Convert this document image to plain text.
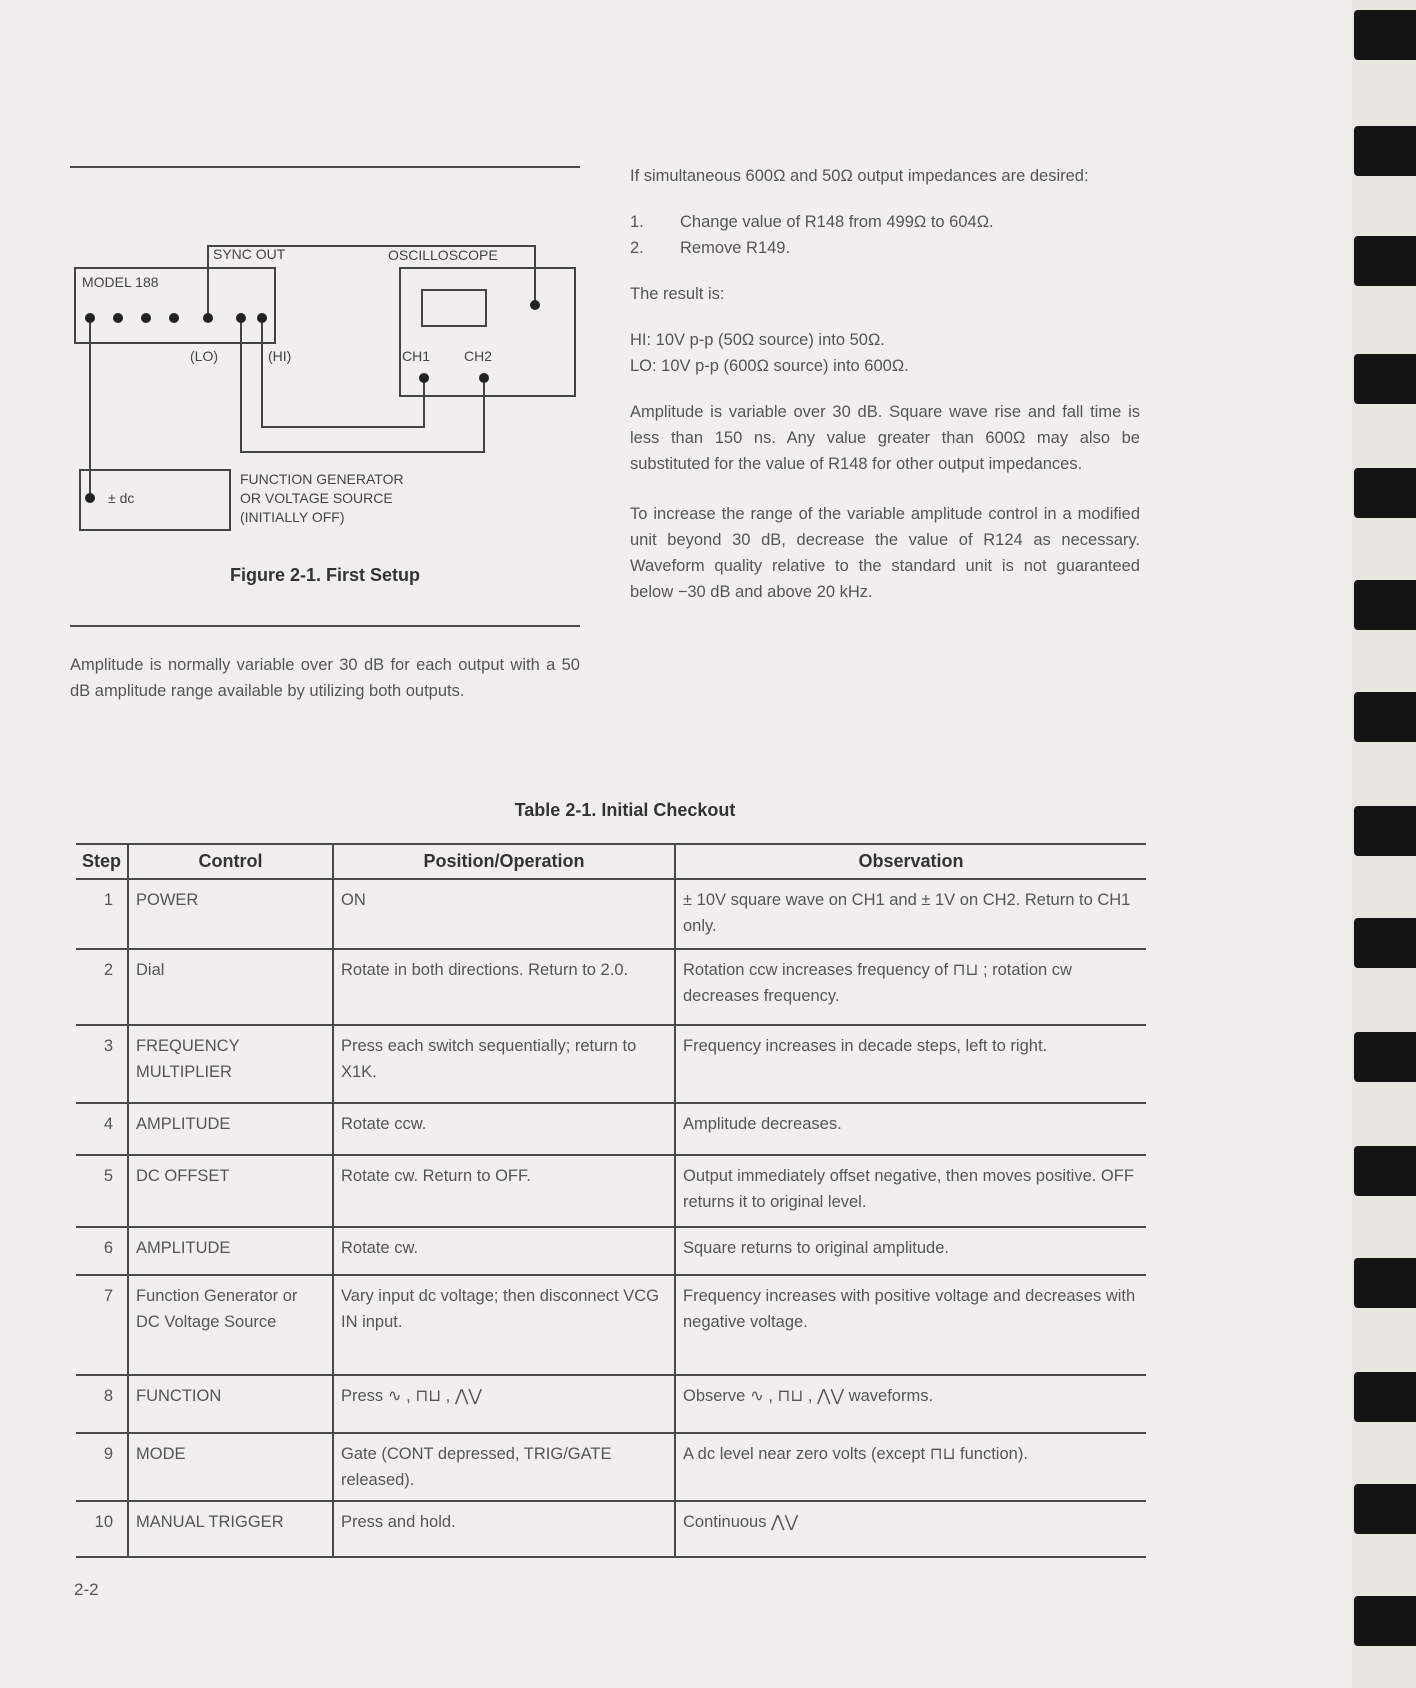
SYNC OUT	OSCILLOSCOPE
MODEL 188
(LO)	(HI)	CH1 CH2
± dc
FUNCTION GENERATOR
OR VOLTAGE SOURCE
(INITIALLY OFF)
Figure 2-1. First Setup
Amplitude is normally variable over 30 dB for each output with a 50 dB amplitude range available by utilizing both outputs.

If simultaneous 600Ω and 50Ω output impedances are desired:

1. Change value of R148 from 499Ω to 604Ω.

2. Remove R149.

The result is:

HI: 10V p-p (50Ω source) into 50Ω.

LO: 10V p-p (600Ω source) into 600Ω.

Amplitude is variable over 30 dB. Square wave rise and fall time is less than 150 ns. Any value greater than 600Ω may also be substituted for the value of R148 for other output impedances.

To increase the range of the variable amplitude control in a modified unit beyond 30 dB, decrease the value of R124 as necessary. Waveform quality relative to the standard unit is not guaranteed below −30 dB and above 20 kHz.

Table 2-1. Initial Checkout
Step	Control	Position/Operation	Observation
1	POWER	ON	± 10V square wave on CH1 and ± 1V on CH2. Return to CH1 only.
2	Dial	Rotate in both directions. Return to 2.0.	Rotation ccw increases frequency of ⊓⊔ ; rotation cw decreases frequency.
3	FREQUENCY MULTIPLIER	Press each switch sequentially; return to X1K.	Frequency increases in decade steps, left to right.
4	AMPLITUDE	Rotate ccw.	Amplitude decreases.
5	DC OFFSET	Rotate cw. Return to OFF.	Output immediately offset negative, then moves positive. OFF returns it to original level.
6	AMPLITUDE	Rotate cw.	Square returns to original amplitude.
7	Function Generator or DC Voltage Source	Vary input dc voltage; then disconnect VCG IN input.	Frequency increases with positive voltage and decreases with negative voltage.
8	FUNCTION	Press ∿ , ⊓⊔ , ⋀⋁	Observe ∿ , ⊓⊔ , ⋀⋁ waveforms.
9	MODE	Gate (CONT depressed, TRIG/GATE released).	A dc level near zero volts (except ⊓⊔ function).
10	MANUAL TRIGGER	Press and hold.	Continuous ⋀⋁
2-2
